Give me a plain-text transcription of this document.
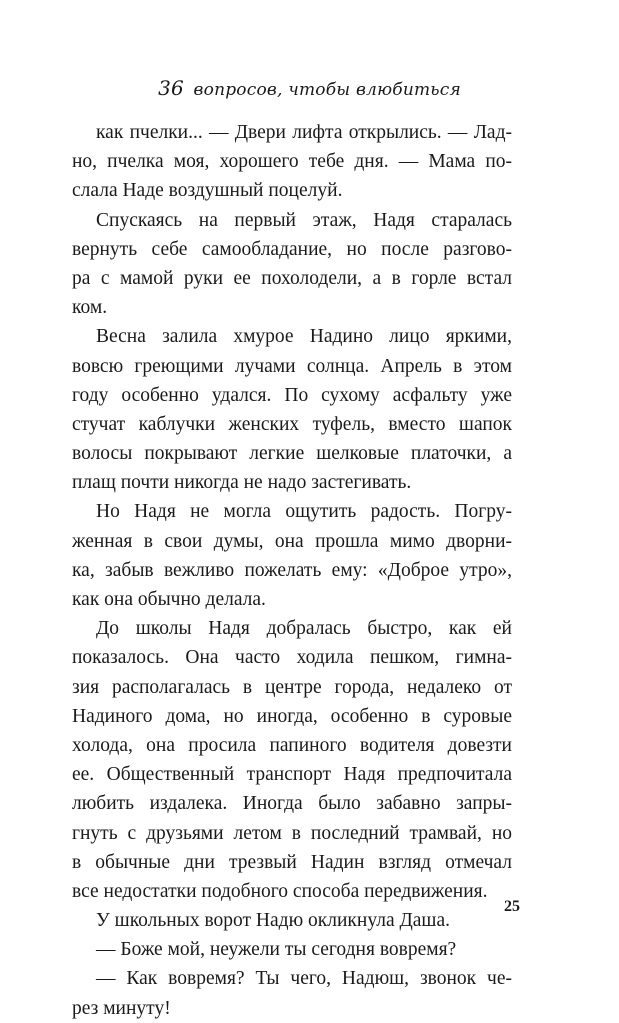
36 вопросов, чтобы влюбиться
как пчелки... — Двери лифта открылись. — Лад-
но, пчелка моя, хорошего тебе дня. — Мама по-
слала Наде воздушный поцелуй.
Спускаясь на первый этаж, Надя старалась
вернуть себе самообладание, но после разгово-
ра с мамой руки ее похолодели, а в горле встал
ком.
Весна залила хмурое Надино лицо яркими,
вовсю греющими лучами солнца. Апрель в этом
году особенно удался. По сухому асфальту уже
стучат каблучки женских туфель, вместо шапок
волосы покрывают легкие шелковые платочки, а
плащ почти никогда не надо застегивать.
Но Надя не могла ощутить радость. Погру-
женная в свои думы, она прошла мимо дворни-
ка, забыв вежливо пожелать ему: «Доброе утро»,
как она обычно делала.
До школы Надя добралась быстро, как ей
показалось. Она часто ходила пешком, гимна-
зия располагалась в центре города, недалеко от
Надиного дома, но иногда, особенно в суровые
холода, она просила папиного водителя довезти
ее. Общественный транспорт Надя предпочитала
любить издалека. Иногда было забавно запры-
гнуть с друзьями летом в последний трамвай, но
в обычные дни трезвый Надин взгляд отмечал
все недостатки подобного способа передвижения.
У школьных ворот Надю окликнула Даша.
— Боже мой, неужели ты сегодня вовремя?
— Как вовремя? Ты чего, Надюш, звонок че-
рез минуту!
25
